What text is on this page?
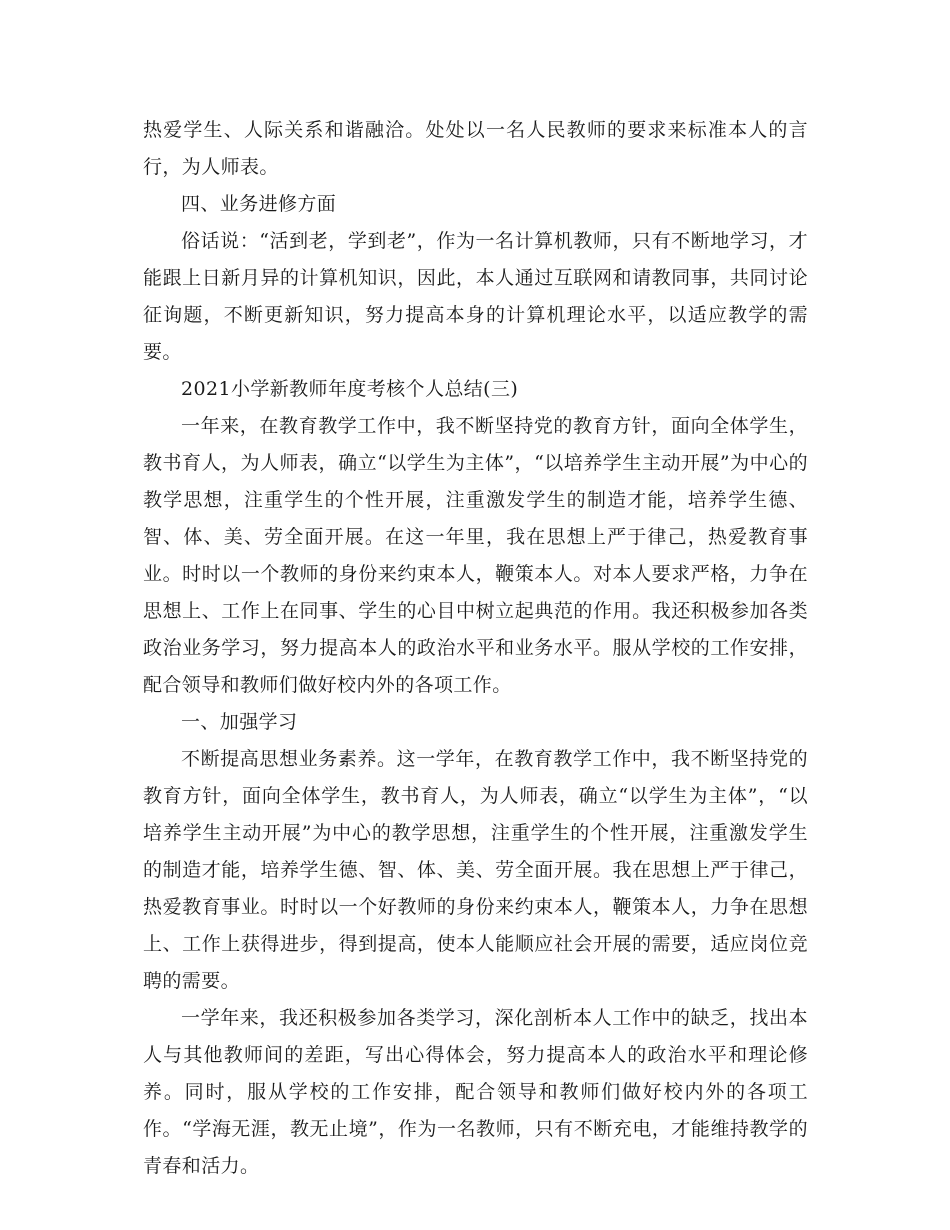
热爱学生、人际关系和谐融洽。处处以一名人民教师的要求来标准本人的言行，为人师表。

四、业务进修方面

俗话说：“活到老，学到老”，作为一名计算机教师，只有不断地学习，才能跟上日新月异的计算机知识，因此，本人通过互联网和请教同事，共同讨论征询题，不断更新知识，努力提高本身的计算机理论水平，以适应教学的需要。

2021小学新教师年度考核个人总结(三)

一年来，在教育教学工作中，我不断坚持党的教育方针，面向全体学生，教书育人，为人师表，确立“以学生为主体”，“以培养学生主动开展”为中心的教学思想，注重学生的个性开展，注重激发学生的制造才能，培养学生德、智、体、美、劳全面开展。在这一年里，我在思想上严于律己，热爱教育事业。时时以一个教师的身份来约束本人，鞭策本人。对本人要求严格，力争在思想上、工作上在同事、学生的心目中树立起典范的作用。我还积极参加各类政治业务学习，努力提高本人的政治水平和业务水平。服从学校的工作安排，配合领导和教师们做好校内外的各项工作。

一、加强学习

不断提高思想业务素养。这一学年，在教育教学工作中，我不断坚持党的教育方针，面向全体学生，教书育人，为人师表，确立“以学生为主体”，“以培养学生主动开展”为中心的教学思想，注重学生的个性开展，注重激发学生的制造才能，培养学生德、智、体、美、劳全面开展。我在思想上严于律己，热爱教育事业。时时以一个好教师的身份来约束本人，鞭策本人，力争在思想上、工作上获得进步，得到提高，使本人能顺应社会开展的需要，适应岗位竞聘的需要。

一学年来，我还积极参加各类学习，深化剖析本人工作中的缺乏，找出本人与其他教师间的差距，写出心得体会，努力提高本人的政治水平和理论修养。同时，服从学校的工作安排，配合领导和教师们做好校内外的各项工作。“学海无涯，教无止境”，作为一名教师，只有不断充电，才能维持教学的青春和活力。
